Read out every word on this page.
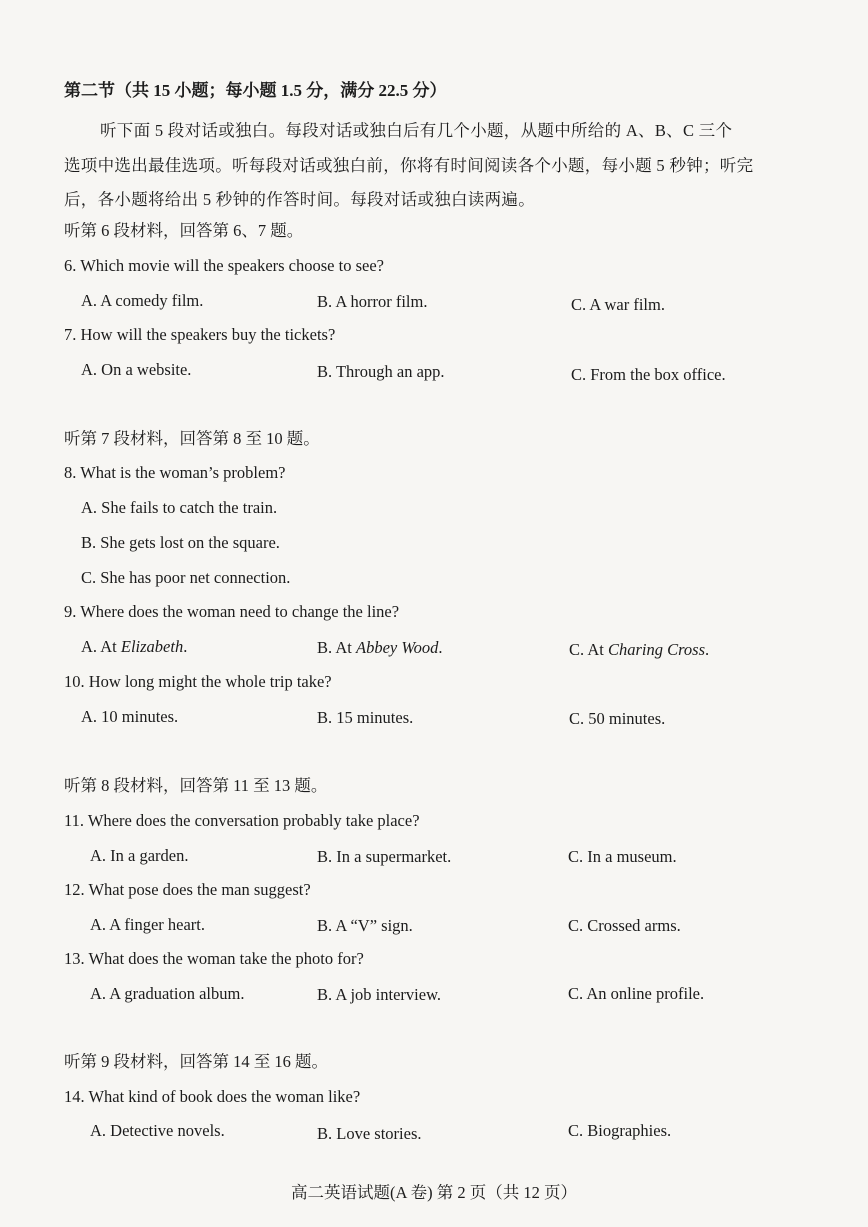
第二节（共 15 小题；每小题 1.5 分，满分 22.5 分）
听下面 5 段对话或独白。每段对话或独白后有几个小题，从题中所给的 A、B、C 三个
选项中选出最佳选项。听每段对话或独白前，你将有时间阅读各个小题，每小题 5 秒钟；听完
后，各小题将给出 5 秒钟的作答时间。每段对话或独白读两遍。
听第 6 段材料，回答第 6、7 题。
6. Which movie will the speakers choose to see?
A. A comedy film.	B. A horror film.	C. A war film.
7. How will the speakers buy the tickets?
A. On a website.	B. Through an app.	C. From the box office.
听第 7 段材料，回答第 8 至 10 题。
8. What is the woman’s problem?
A. She fails to catch the train.
B. She gets lost on the square.
C. She has poor net connection.
9. Where does the woman need to change the line?
A. At Elizabeth.	B. At Abbey Wood.	C. At Charing Cross.
10. How long might the whole trip take?
A. 10 minutes.	B. 15 minutes.	C. 50 minutes.
听第 8 段材料，回答第 11 至 13 题。
11. Where does the conversation probably take place?
A. In a garden.	B. In a supermarket.	C. In a museum.
12. What pose does the man suggest?
A. A finger heart.	B. A “V” sign.	C. Crossed arms.
13. What does the woman take the photo for?
A. A graduation album.	B. A job interview.	C. An online profile.
听第 9 段材料，回答第 14 至 16 题。
14. What kind of book does the woman like?
A. Detective novels.	B. Love stories.	C. Biographies.
高二英语试题(A 卷) 第 2 页（共 12 页）
